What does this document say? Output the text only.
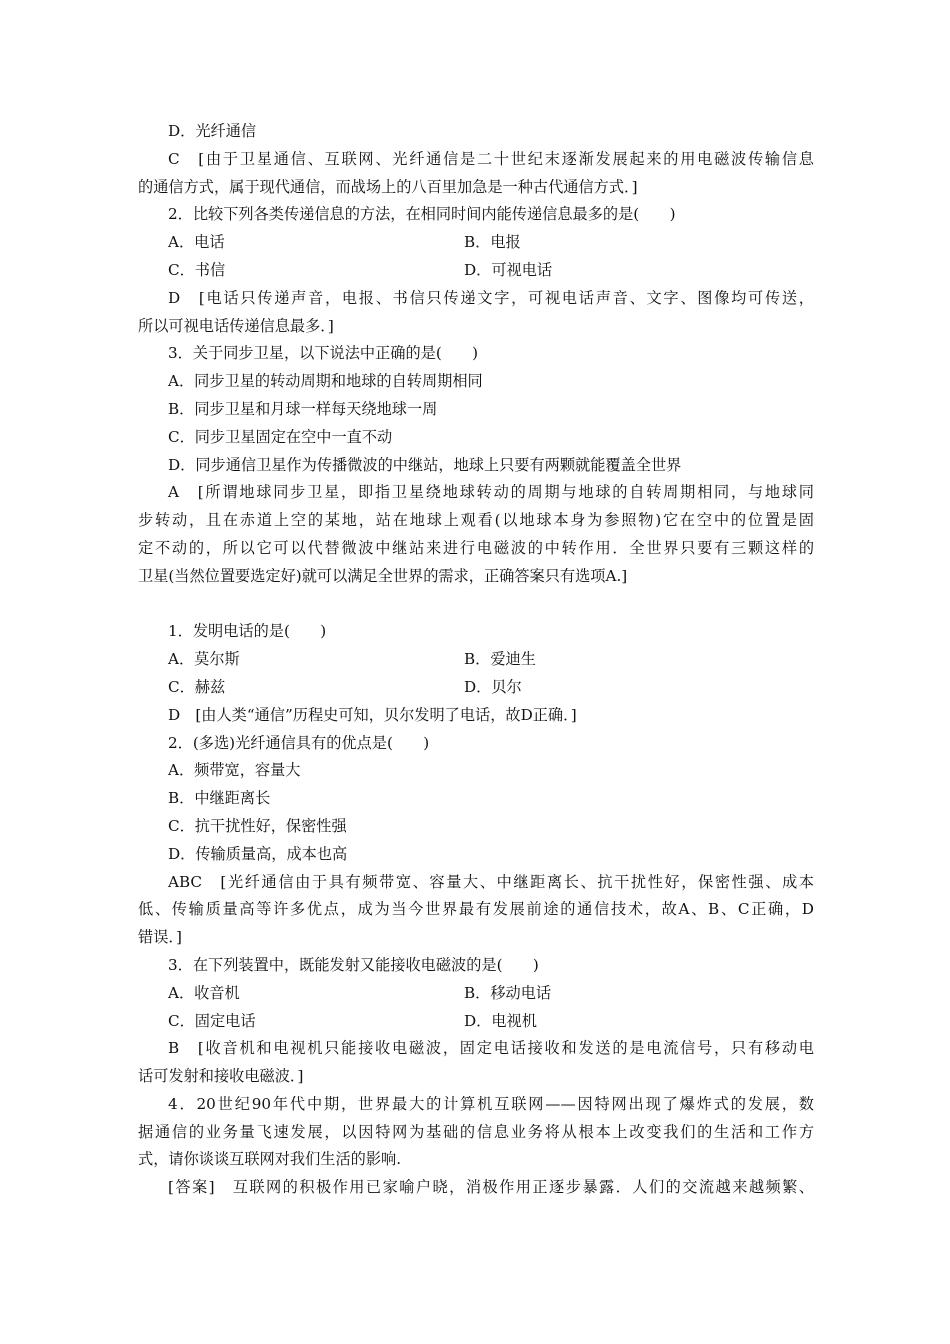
D．光纤通信
C　[由于卫星通信、互联网、光纤通信是二十世纪末逐渐发展起来的用电磁波传输信息
的通信方式，属于现代通信，而战场上的八百里加急是一种古代通信方式．]
2．比较下列各类传递信息的方法，在相同时间内能传递信息最多的是(　　)
A．电话	B．电报
C．书信	D．可视电话
D　[电话只传递声音，电报、书信只传递文字，可视电话声音、文字、图像均可传送，
所以可视电话传递信息最多．]
3．关于同步卫星，以下说法中正确的是(　　)
A．同步卫星的转动周期和地球的自转周期相同
B．同步卫星和月球一样每天绕地球一周
C．同步卫星固定在空中一直不动
D．同步通信卫星作为传播微波的中继站，地球上只要有两颗就能覆盖全世界
A　[所谓地球同步卫星，即指卫星绕地球转动的周期与地球的自转周期相同，与地球同
步转动，且在赤道上空的某地，站在地球上观看(以地球本身为参照物)它在空中的位置是固
定不动的，所以它可以代替微波中继站来进行电磁波的中转作用．全世界只要有三颗这样的
卫星(当然位置要选定好)就可以满足全世界的需求，正确答案只有选项A.]
1．发明电话的是(　　)
A．莫尔斯	B．爱迪生
C．赫兹	D．贝尔
D　[由人类“通信”历程史可知，贝尔发明了电话，故D正确．]
2．(多选)光纤通信具有的优点是(　　)
A．频带宽，容量大
B．中继距离长
C．抗干扰性好，保密性强
D．传输质量高，成本也高
ABC　[光纤通信由于具有频带宽、容量大、中继距离长、抗干扰性好，保密性强、成本
低、传输质量高等许多优点，成为当今世界最有发展前途的通信技术，故A、B、C正确，D
错误．]
3．在下列装置中，既能发射又能接收电磁波的是(　　)
A．收音机	B．移动电话
C．固定电话	D．电视机
B　[收音机和电视机只能接收电磁波，固定电话接收和发送的是电流信号，只有移动电
话可发射和接收电磁波．]
4．20世纪90年代中期，世界最大的计算机互联网——因特网出现了爆炸式的发展，数
据通信的业务量飞速发展，以因特网为基础的信息业务将从根本上改变我们的生活和工作方
式，请你谈谈互联网对我们生活的影响.
[答案]　互联网的积极作用已家喻户晓，消极作用正逐步暴露．人们的交流越来越频繁、
